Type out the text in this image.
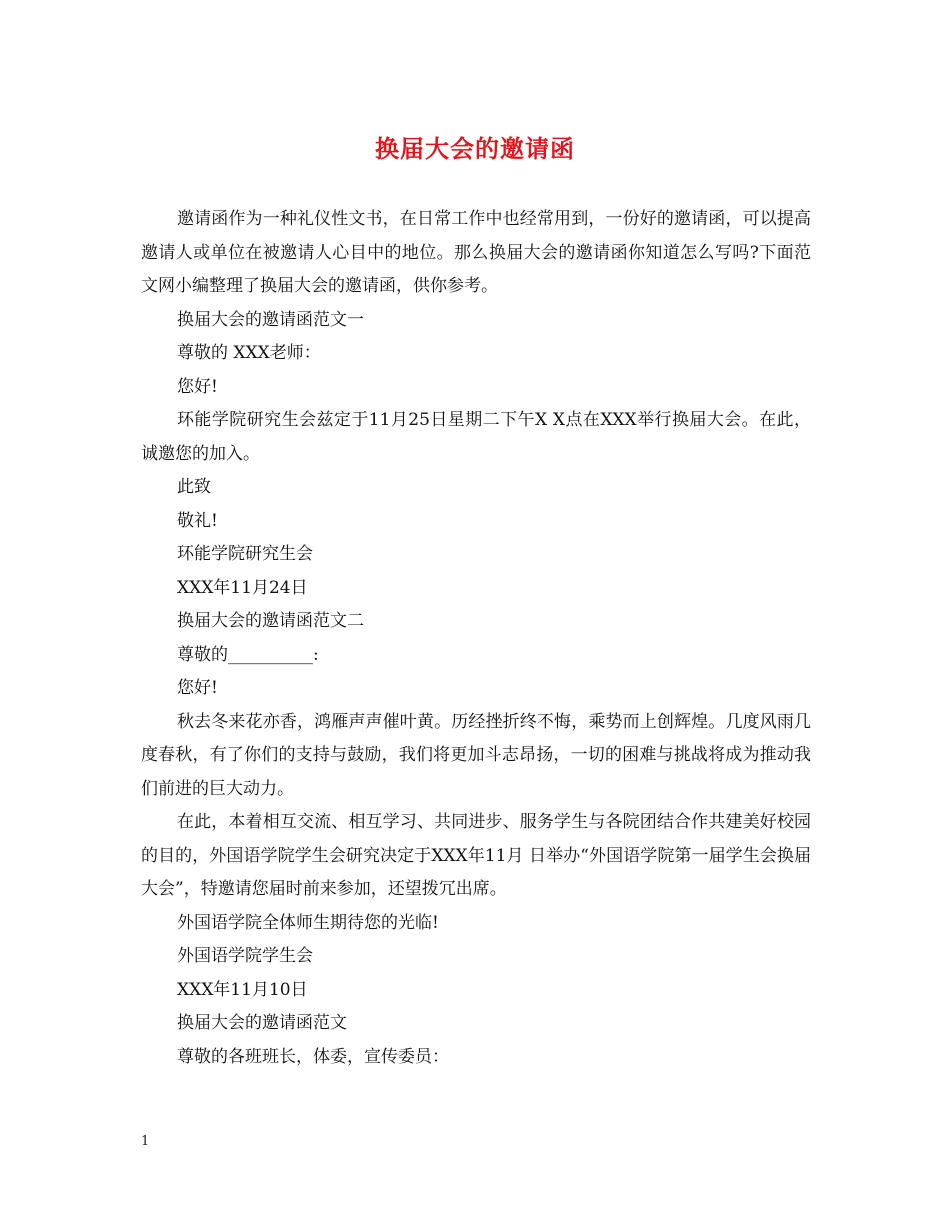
换届大会的邀请函

邀请函作为一种礼仪性文书，在日常工作中也经常用到，一份好的邀请函，可以提高邀请人或单位在被邀请人心目中的地位。那么换届大会的邀请函你知道怎么写吗?下面范文网小编整理了换届大会的邀请函，供你参考。

换届大会的邀请函范文一

尊敬的 XXX老师：

您好!

环能学院研究生会兹定于11月25日星期二下午X X点在XXX举行换届大会。在此，诚邀您的加入。

此致

敬礼!

环能学院研究生会

XXX年11月24日

换届大会的邀请函范文二

尊敬的__________:

您好!

秋去冬来花亦香，鸿雁声声催叶黄。历经挫折终不悔，乘势而上创辉煌。几度风雨几度春秋，有了你们的支持与鼓励，我们将更加斗志昂扬，一切的困难与挑战将成为推动我们前进的巨大动力。

在此，本着相互交流、相互学习、共同进步、服务学生与各院团结合作共建美好校园的目的，外国语学院学生会研究决定于XXX年11月 日举办“外国语学院第一届学生会换届大会”，特邀请您届时前来参加，还望拨冗出席。

外国语学院全体师生期待您的光临!

外国语学院学生会

XXX年11月10日

换届大会的邀请函范文

尊敬的各班班长，体委，宣传委员：

1
